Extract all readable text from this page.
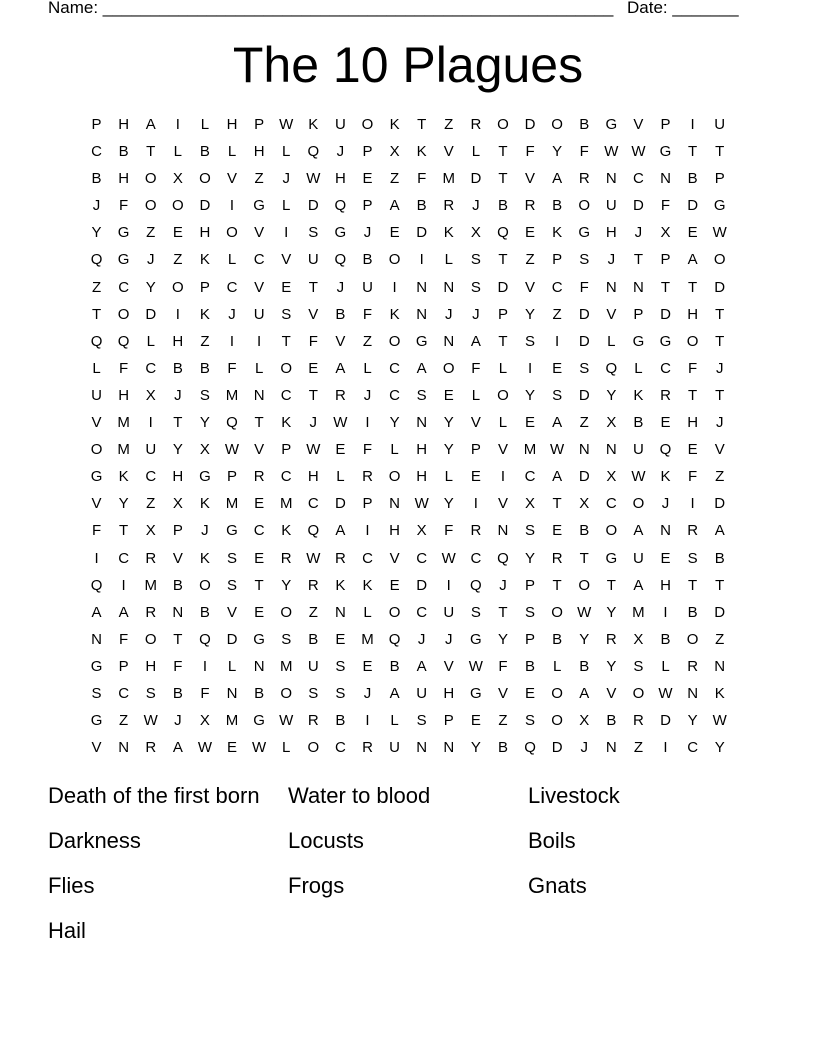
Name: ______________________________________________________

Date: _______

The 10 Plagues
P	H	A	I	L	H	P	W	K	U	O	K	T	Z	R	O	D	O	B	G	V	P	I	U
C	B	T	L	B	L	H	L	Q	J	P	X	K	V	L	T	F	Y	F	W W G	T	T
B	H	O	X	O	V	Z	J	W H	E	Z	F	M	D	T	V	A	R	N	C	N	B	P
J	F	O	O	D	I	G	L	D	Q	P	A	B	R	J	B	R	B	O	U	D	F	D	G
Y	G	Z	E	H	O	V	I	S	G	J	E	D	K	X	Q	E	K	G	H	J	X	E	W
Q	G	J	Z	K	L	C	V	U	Q	B	O	I	L	S	T	Z	P	S	J	T	P	A	O
Z	C	Y	O	P	C	V	E	T	J	U	I	N	N	S	D	V	C	F	N	N	T	T	D
T	O	D	I	K	J	U	S	V	B	F	K	N	J	J	P	Y	Z	D	V	P	D	H	T
Q	Q	L	H	Z	I	I	T	F	V	Z	O	G	N	A	T	S	I	D	L	G	G	O	T
L	F	C	B	B	F	L	O	E	A	L	C	A	O	F	L	I	E	S	Q	L	C	F	J
U	H	X	J	S	M	N	C	T	R	J	C	S	E	L	O	Y	S	D	Y	K	R	T	T
V	M	I	T	Y	Q	T	K	J	W	I	Y	N	Y	V	L	E	A	Z	X	B	E	H	J
O	M	U	Y	X	W	V	P	W	E	F	L	H	Y	P	V	M W N	N	U	Q	E	V
G	K	C	H	G	P	R	C	H	L	R	O	H	L	E	I	C	A	D	X	W	K	F	Z
V	Y	Z	X	K	M	E	M	C	D	P	N W	Y	I	V	X	T	X	C	O	J	I	D
F	T	X	P	J	G	C	K	Q	A	I	H	X	F	R	N	S	E	B	O	A	N	R	A
I	C	R	V	K	S	E	R W R	C	V	C W C	Q	Y	R	T	G	U	E	S	B
Q	I	M	B	O	S	T	Y	R	K	K	E	D	I	Q	J	P	T	O	T	A	H	T	T
A	A	R	N	B	V	E	O	Z	N	L	O	C	U	S	T	S	O W	Y	M	I	B	D
N	F	O	T	Q	D	G	S	B	E	M	Q	J	J	G	Y	P	B	Y	R	X	B	O	Z
G	P	H	F	I	L	N	M	U	S	E	B	A	V	W	F	B	L	B	Y	S	L	R	N
S	C	S	B	F	N	B	O	S	S	J	A	U	H	G	V	E	O	A	V	O W N	K
G	Z	W	J	X	M	G W R	B	I	L	S	P	E	Z	S	O	X	B	R	D	Y	W
V	N	R	A	W	E	W	L	O	C	R	U	N	N	Y	B	Q	D	J	N	Z	I	C	Y
Death of the first born	Water to blood	Livestock
Darkness	Locusts	Boils
Flies	Frogs	Gnats
Hail
